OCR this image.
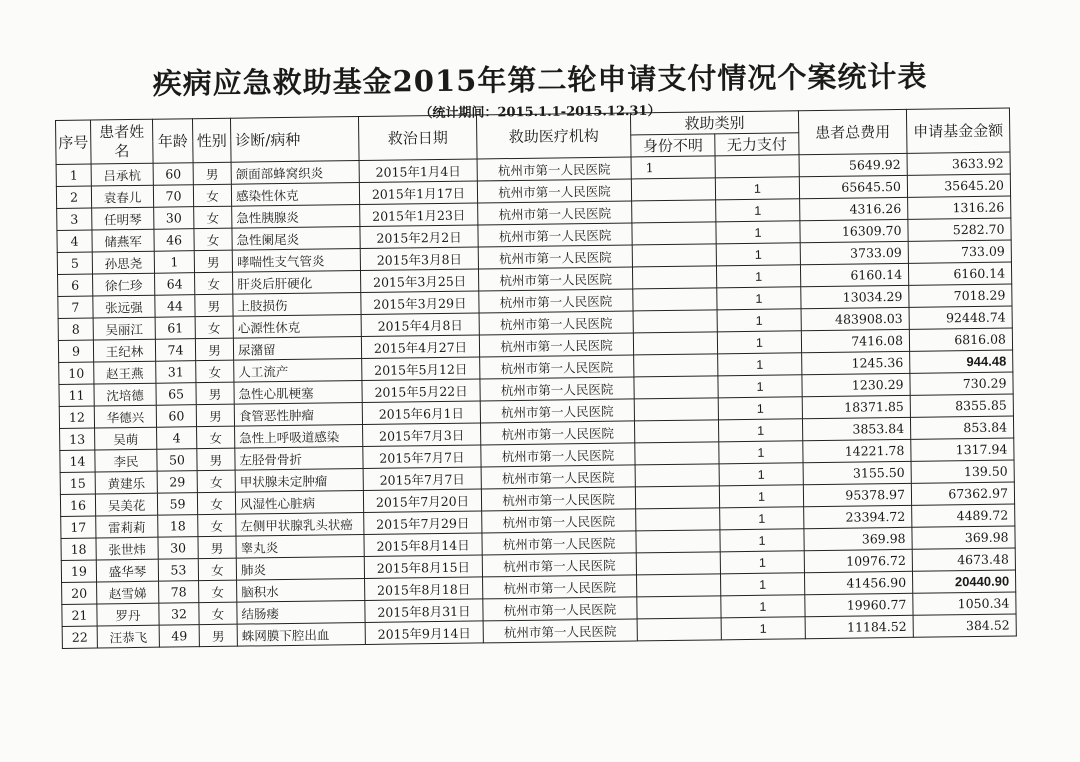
疾病应急救助基金2015年第二轮申请支付情况个案统计表
（统计期间：2015.1.1-2015.12.31）
序号	患者姓名	年龄	性别	诊断/病种	救治日期	救助医疗机构	救助类别		患者总费用	申请基金金额
							身份不明	无力支付		
1	吕承杭	60	男	颌面部蜂窝织炎	2015年1月4日	杭州市第一人民医院	1		5649.92	3633.92
2	袁春儿	70	女	感染性休克	2015年1月17日	杭州市第一人民医院		1	65645.50	35645.20
3	任明琴	30	女	急性胰腺炎	2015年1月23日	杭州市第一人民医院		1	4316.26	1316.26
4	储燕军	46	女	急性阑尾炎	2015年2月2日	杭州市第一人民医院		1	16309.70	5282.70
5	孙思尧	1	男	哮喘性支气管炎	2015年3月8日	杭州市第一人民医院		1	3733.09	733.09
6	徐仁珍	64	女	肝炎后肝硬化	2015年3月25日	杭州市第一人民医院		1	6160.14	6160.14
7	张远强	44	男	上肢损伤	2015年3月29日	杭州市第一人民医院		1	13034.29	7018.29
8	吴丽江	61	女	心源性休克	2015年4月8日	杭州市第一人民医院		1	483908.03	92448.74
9	王纪林	74	男	尿潴留	2015年4月27日	杭州市第一人民医院		1	7416.08	6816.08
10	赵王燕	31	女	人工流产	2015年5月12日	杭州市第一人民医院		1	1245.36	944.48
11	沈培德	65	男	急性心肌梗塞	2015年5月22日	杭州市第一人民医院		1	1230.29	730.29
12	华德兴	60	男	食管恶性肿瘤	2015年6月1日	杭州市第一人民医院		1	18371.85	8355.85
13	吴萌	4	女	急性上呼吸道感染	2015年7月3日	杭州市第一人民医院		1	3853.84	853.84
14	李民	50	男	左胫骨骨折	2015年7月7日	杭州市第一人民医院		1	14221.78	1317.94
15	黄建乐	29	女	甲状腺未定肿瘤	2015年7月7日	杭州市第一人民医院		1	3155.50	139.50
16	吴美花	59	女	风湿性心脏病	2015年7月20日	杭州市第一人民医院		1	95378.97	67362.97
17	雷莉莉	18	女	左侧甲状腺乳头状癌	2015年7月29日	杭州市第一人民医院		1	23394.72	4489.72
18	张世炜	30	男	睾丸炎	2015年8月14日	杭州市第一人民医院		1	369.98	369.98
19	盛华琴	53	女	肺炎	2015年8月15日	杭州市第一人民医院		1	10976.72	4673.48
20	赵雪娣	78	女	脑积水	2015年8月18日	杭州市第一人民医院		1	41456.90	20440.90
21	罗丹	32	女	结肠瘘	2015年8月31日	杭州市第一人民医院		1	19960.77	1050.34
22	汪恭飞	49	男	蛛网膜下腔出血	2015年9月14日	杭州市第一人民医院		1	11184.52	384.52
